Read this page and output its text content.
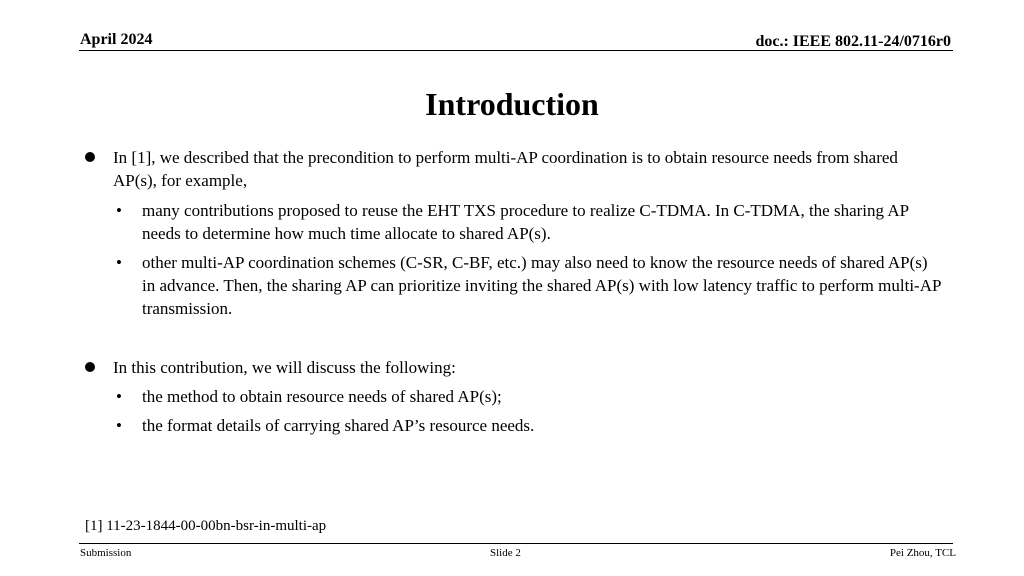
April 2024	doc.: IEEE 802.11-24/0716r0
Introduction
In [1], we described that the precondition to perform multi-AP coordination is to obtain resource needs from shared AP(s), for example,
• many contributions proposed to reuse the EHT TXS procedure to realize C-TDMA. In C-TDMA, the sharing AP needs to determine how much time allocate to shared AP(s).
• other multi-AP coordination schemes (C-SR, C-BF, etc.) may also need to know the resource needs of shared AP(s) in advance. Then, the sharing AP can prioritize inviting the shared AP(s) with low latency traffic to perform multi-AP transmission.
In this contribution, we will discuss the following:
• the method to obtain resource needs of shared AP(s);
• the format details of carrying shared AP’s resource needs.
[1] 11-23-1844-00-00bn-bsr-in-multi-ap
Submission	Slide 2	Pei Zhou, TCL
